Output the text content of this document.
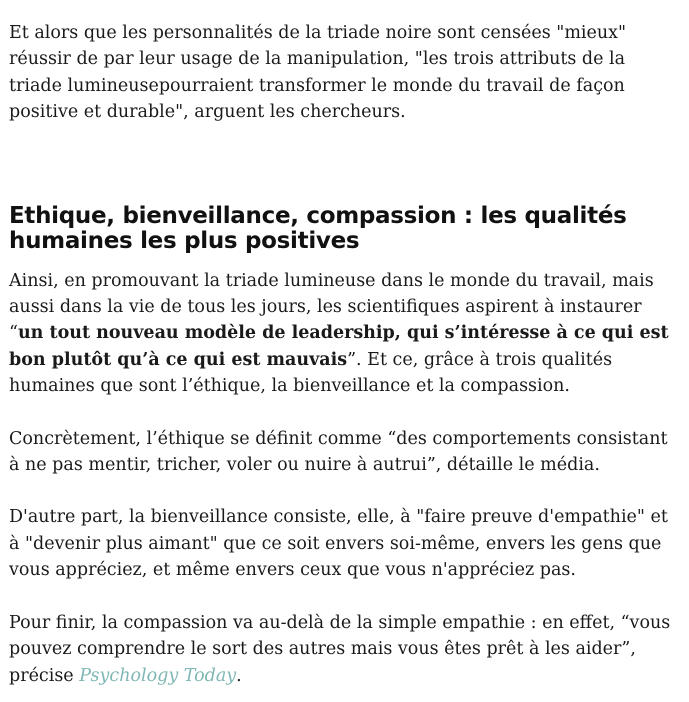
Et alors que les personnalités de la triade noire sont censées "mieux" réussir de par leur usage de la manipulation, "les trois attributs de la triade lumineusepourraient transformer le monde du travail de façon positive et durable", arguent les chercheurs.

Ethique, bienveillance, compassion : les qualités humaines les plus positives

Ainsi, en promouvant la triade lumineuse dans le monde du travail, mais aussi dans la vie de tous les jours, les scientifiques aspirent à instaurer “un tout nouveau modèle de leadership, qui s’intéresse à ce qui est bon plutôt qu’à ce qui est mauvais”. Et ce, grâce à trois qualités humaines que sont l’éthique, la bienveillance et la compassion.

Concrètement, l’éthique se définit comme “des comportements consistant à ne pas mentir, tricher, voler ou nuire à autrui”, détaille le média.

D'autre part, la bienveillance consiste, elle, à "faire preuve d'empathie" et à "devenir plus aimant" que ce soit envers soi-même, envers les gens que vous appréciez, et même envers ceux que vous n'appréciez pas.

Pour finir, la compassion va au-delà de la simple empathie : en effet, “vous pouvez comprendre le sort des autres mais vous êtes prêt à les aider”, précise Psychology Today.
